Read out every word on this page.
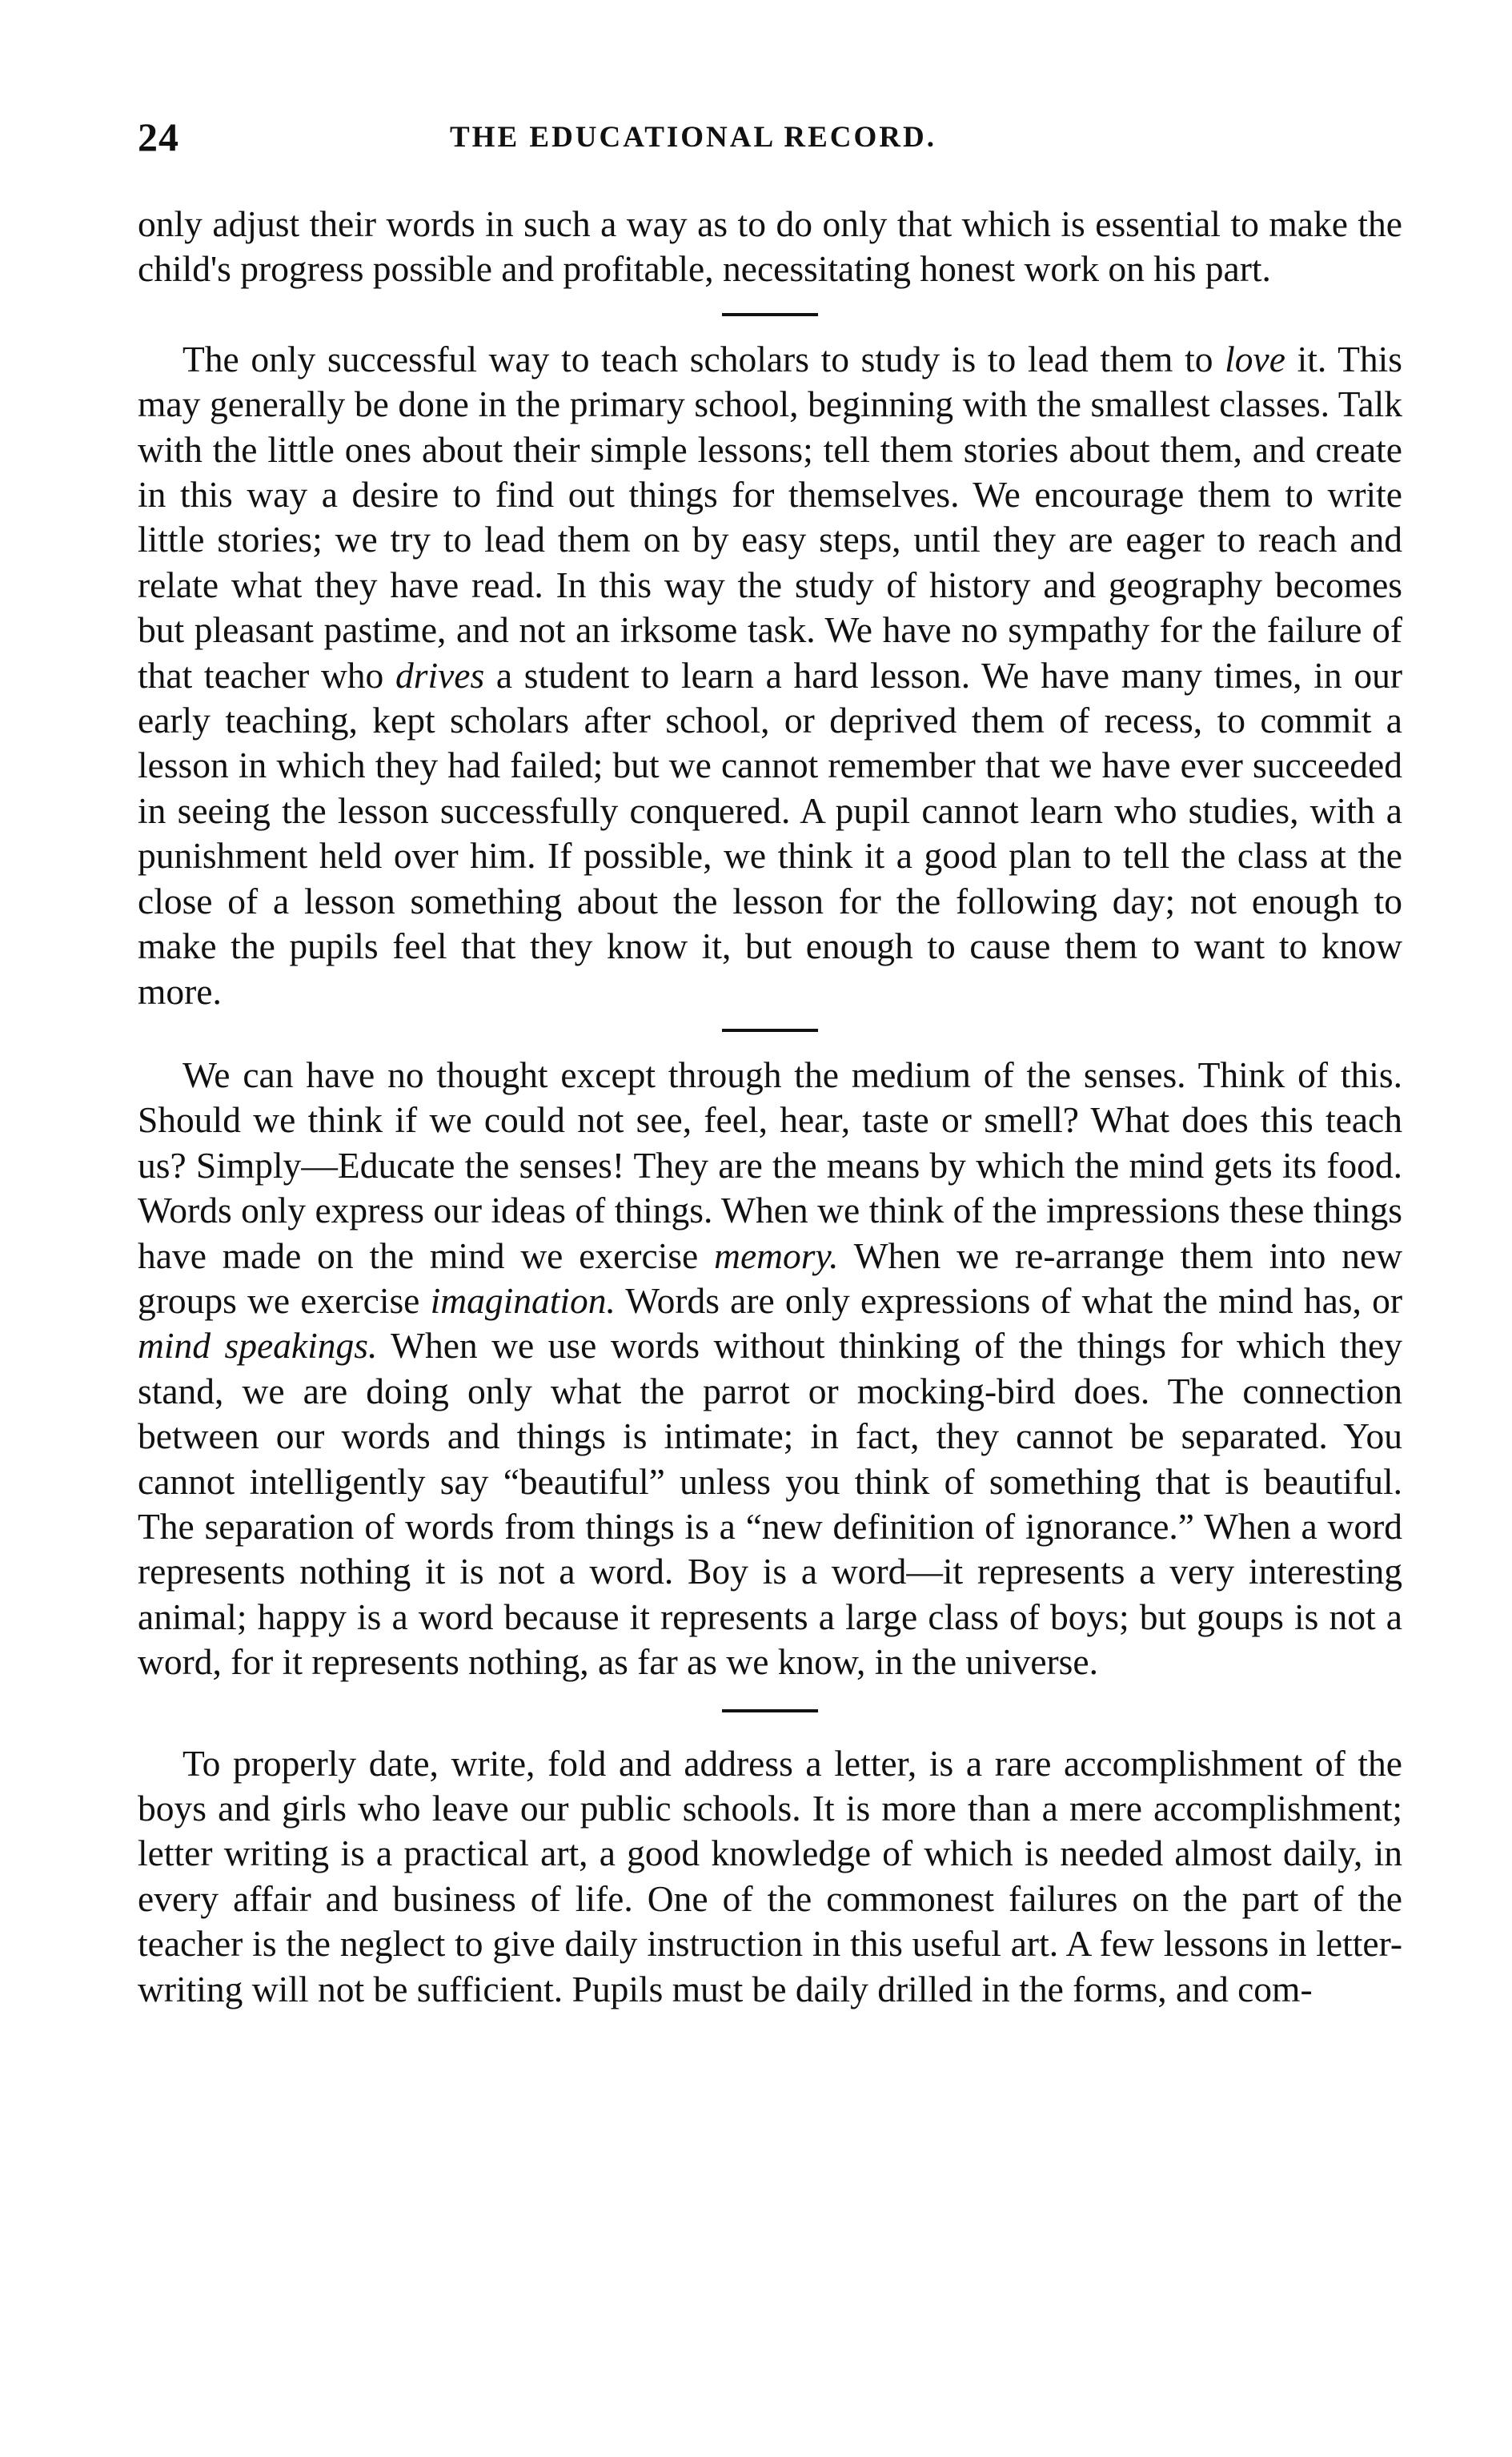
24	THE EDUCATIONAL RECORD.

only adjust their words in such a way as to do only that which is essential to make the child's progress possible and profitable, necessitating honest work on his part.

The only successful way to teach scholars to study is to lead them to love it. This may generally be done in the primary school, beginning with the smallest classes. Talk with the little ones about their simple lessons; tell them stories about them, and create in this way a desire to find out things for themselves. We encourage them to write little stories; we try to lead them on by easy steps, until they are eager to reach and relate what they have read. In this way the study of history and geography becomes but pleasant pastime, and not an irksome task. We have no sympathy for the failure of that teacher who drives a student to learn a hard lesson. We have many times, in our early teaching, kept scholars after school, or deprived them of recess, to commit a lesson in which they had failed; but we cannot remember that we have ever succeeded in seeing the lesson successfully conquered. A pupil cannot learn who studies, with a punishment held over him. If possible, we think it a good plan to tell the class at the close of a lesson something about the lesson for the following day; not enough to make the pupils feel that they know it, but enough to cause them to want to know more.

We can have no thought except through the medium of the senses. Think of this. Should we think if we could not see, feel, hear, taste or smell? What does this teach us? Simply—Educate the senses! They are the means by which the mind gets its food. Words only express our ideas of things. When we think of the impressions these things have made on the mind we exercise memory. When we re-arrange them into new groups we exercise imagination. Words are only expressions of what the mind has, or mind speakings. When we use words without thinking of the things for which they stand, we are doing only what the parrot or mocking-bird does. The connection between our words and things is intimate; in fact, they cannot be separated. You cannot intelligently say “beautiful” unless you think of something that is beautiful. The separation of words from things is a “new definition of ignorance.” When a word represents nothing it is not a word. Boy is a word—it represents a very interesting animal; happy is a word because it represents a large class of boys; but goups is not a word, for it represents nothing, as far as we know, in the universe.

To properly date, write, fold and address a letter, is a rare accomplishment of the boys and girls who leave our public schools. It is more than a mere accomplishment; letter writing is a practical art, a good knowledge of which is needed almost daily, in every affair and business of life. One of the commonest failures on the part of the teacher is the neglect to give daily instruction in this useful art. A few lessons in letter-writing will not be sufficient. Pupils must be daily drilled in the forms, and com-
